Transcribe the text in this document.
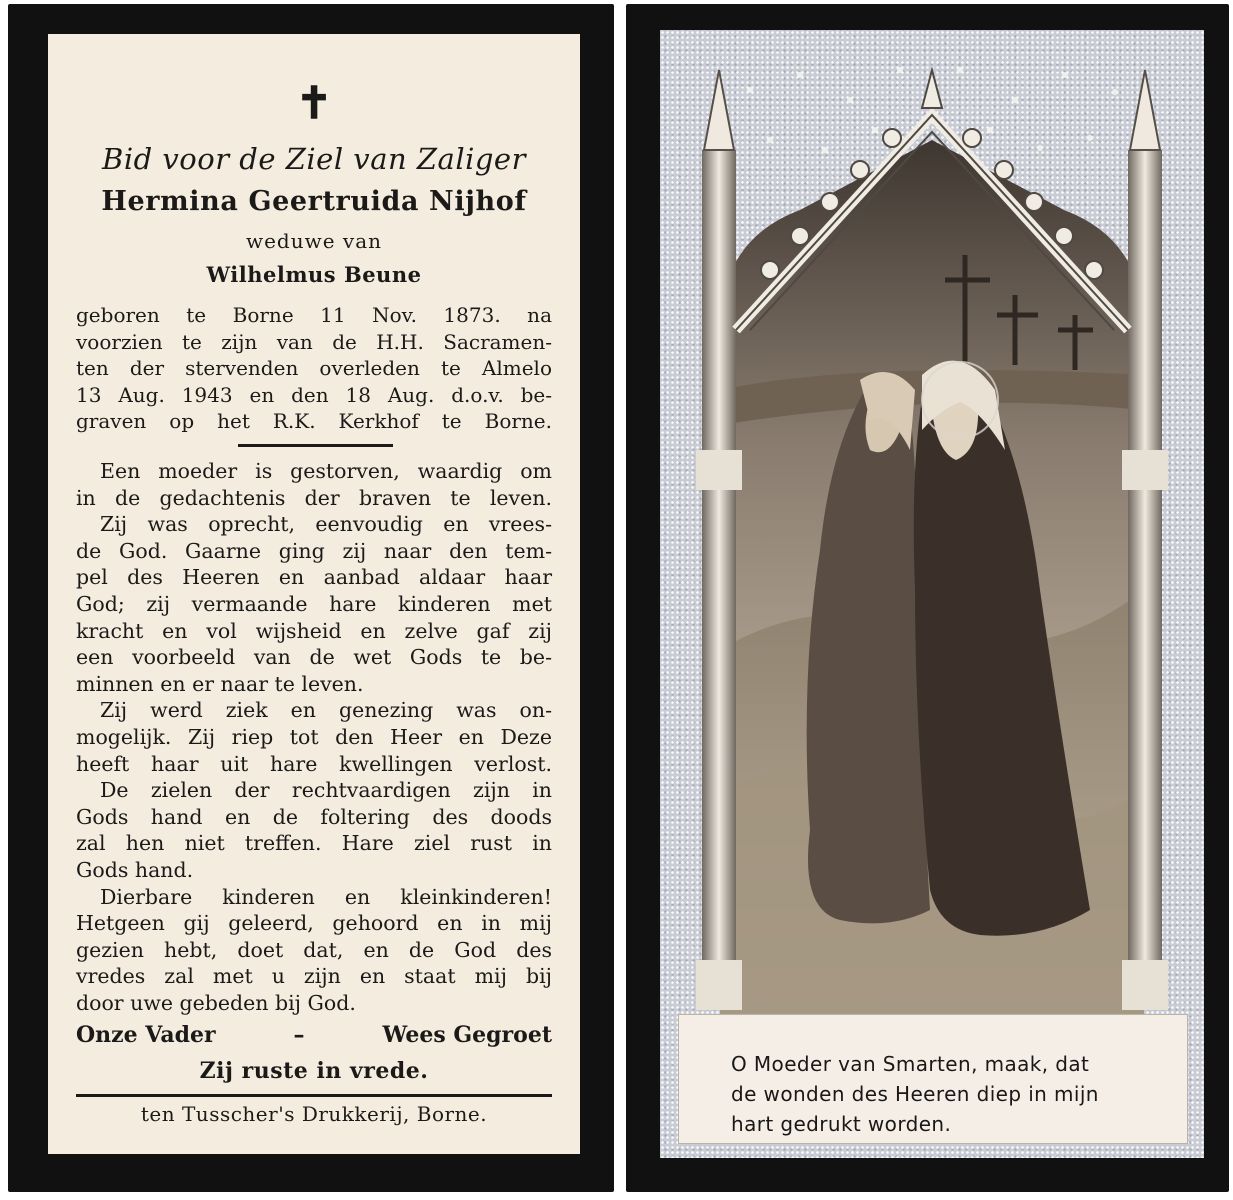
✝
Bid voor de Ziel van Zaliger
Hermina Geertruida Nijhof
weduwe van
Wilhelmus Beune
geboren te Borne 11 Nov. 1873. na
voorzien te zijn van de H.H. Sacramen-
ten der stervenden overleden te Almelo
13 Aug. 1943 en den 18 Aug. d.o.v. be-
graven op het R.K. Kerkhof te Borne.
Een moeder is gestorven, waardig om
in de gedachtenis der braven te leven.
Zij was oprecht, eenvoudig en vrees-
de God. Gaarne ging zij naar den tem-
pel des Heeren en aanbad aldaar haar
God; zij vermaande hare kinderen met
kracht en vol wijsheid en zelve gaf zij
een voorbeeld van de wet Gods te be-
minnen en er naar te leven.
Zij werd ziek en genezing was on-
mogelijk. Zij riep tot den Heer en Deze
heeft haar uit hare kwellingen verlost.
De zielen der rechtvaardigen zijn in
Gods hand en de foltering des doods
zal hen niet treffen. Hare ziel rust in
Gods hand.
Dierbare kinderen en kleinkinderen!
Hetgeen gij geleerd, gehoord en in mij
gezien hebt, doet dat, en de God des
vredes zal met u zijn en staat mij bij
door uwe gebeden bij God.
Onze Vader	–	Wees Gegroet
Zij ruste in vrede.
ten Tusscher's Drukkerij, Borne.
O Moeder van Smarten, maak, dat
de wonden des Heeren diep in mijn
hart gedrukt worden.
